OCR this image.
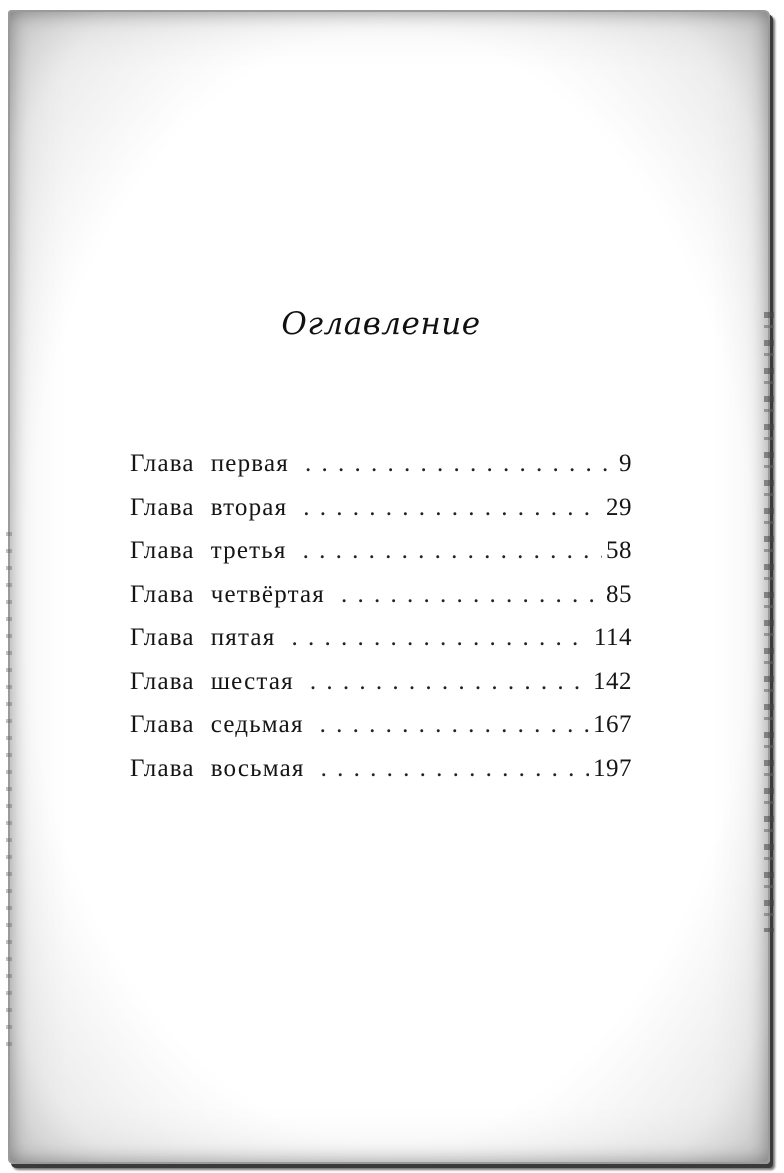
Оглавление
Глава первая . . .	9
Глава вторая . . .	29
Глава третья . . .	58
Глава четвёртая . . .	85
Глава пятая . . .	114
Глава шестая . . .	142
Глава седьмая . . .	167
Глава восьмая . . .	197
